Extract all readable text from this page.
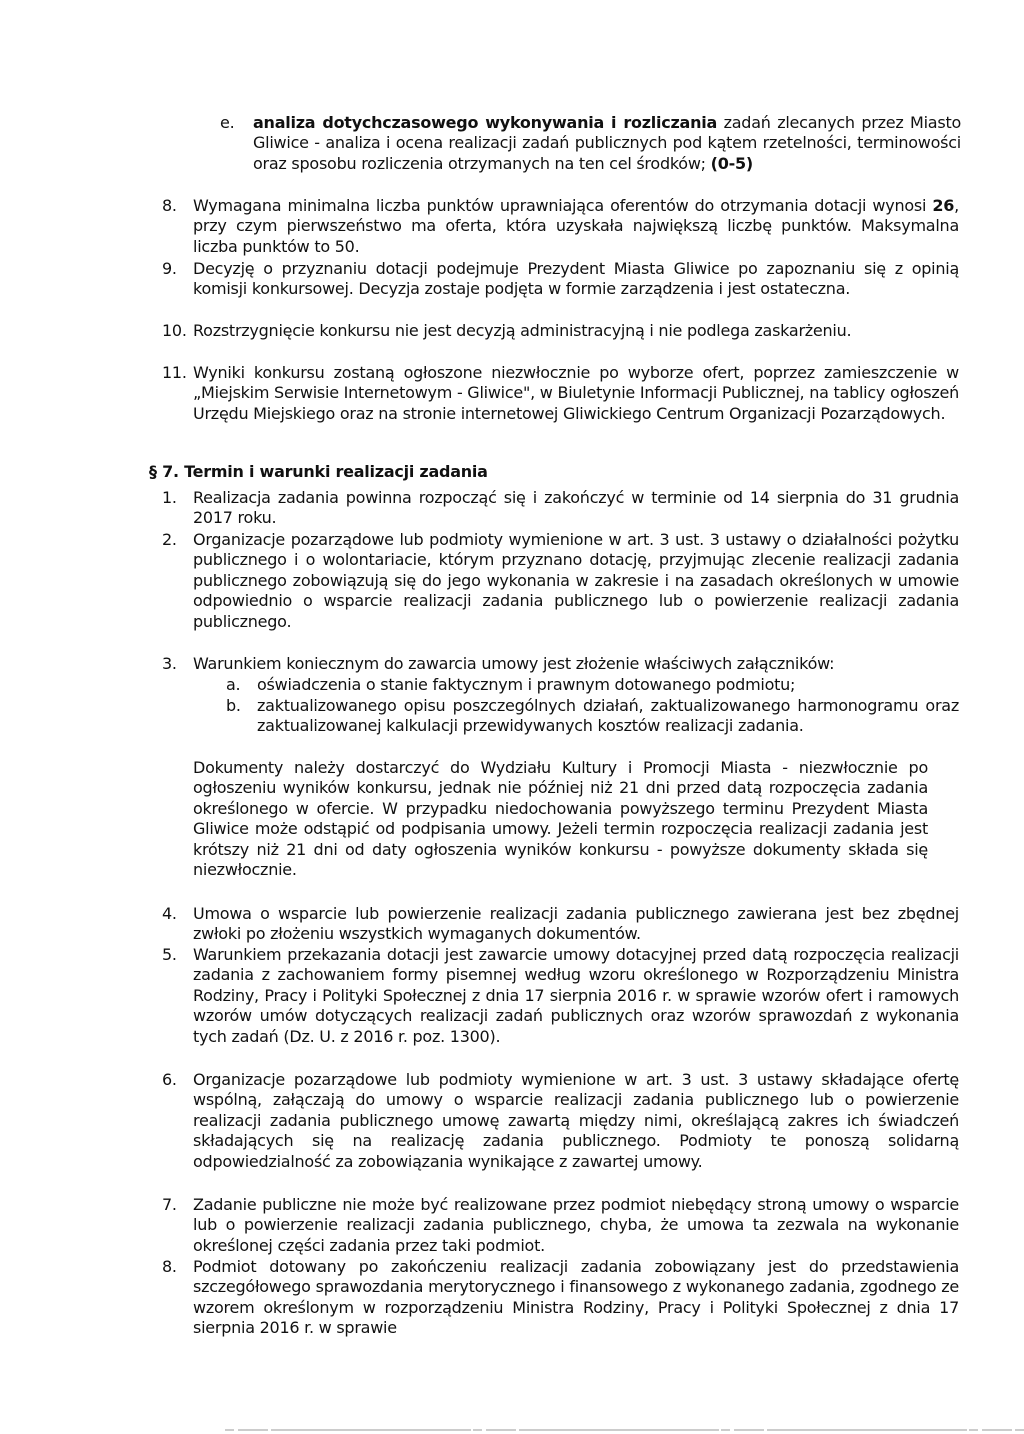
e. analiza dotychczasowego wykonywania i rozliczania zadań zlecanych przez Miasto Gliwice - analiza i ocena realizacji zadań publicznych pod kątem rzetelności, terminowości oraz sposobu rozliczenia otrzymanych na ten cel środków; (0-5)
8. Wymagana minimalna liczba punktów uprawniająca oferentów do otrzymania dotacji wynosi 26, przy czym pierwszeństwo ma oferta, która uzyskała największą liczbę punktów. Maksymalna liczba punktów to 50.
9. Decyzję o przyznaniu dotacji podejmuje Prezydent Miasta Gliwice po zapoznaniu się z opinią komisji konkursowej. Decyzja zostaje podjęta w formie zarządzenia i jest ostateczna.
10. Rozstrzygnięcie konkursu nie jest decyzją administracyjną i nie podlega zaskarżeniu.
11. Wyniki konkursu zostaną ogłoszone niezwłocznie po wyborze ofert, poprzez zamieszczenie w „Miejskim Serwisie Internetowym - Gliwice", w Biuletynie Informacji Publicznej, na tablicy ogłoszeń Urzędu Miejskiego oraz na stronie internetowej Gliwickiego Centrum Organizacji Pozarządowych.
§ 7. Termin i warunki realizacji zadania
1. Realizacja zadania powinna rozpocząć się i zakończyć w terminie od 14 sierpnia do 31 grudnia 2017 roku.
2. Organizacje pozarządowe lub podmioty wymienione w art. 3 ust. 3 ustawy o działalności pożytku publicznego i o wolontariacie, którym przyznano dotację, przyjmując zlecenie realizacji zadania publicznego zobowiązują się do jego wykonania w zakresie i na zasadach określonych w umowie odpowiednio o wsparcie realizacji zadania publicznego lub o powierzenie realizacji zadania publicznego.
3. Warunkiem koniecznym do zawarcia umowy jest złożenie właściwych załączników:
a. oświadczenia o stanie faktycznym i prawnym dotowanego podmiotu;
b. zaktualizowanego opisu poszczególnych działań, zaktualizowanego harmonogramu oraz zaktualizowanej kalkulacji przewidywanych kosztów realizacji zadania.
Dokumenty należy dostarczyć do Wydziału Kultury i Promocji Miasta - niezwłocznie po ogłoszeniu wyników konkursu, jednak nie później niż 21 dni przed datą rozpoczęcia zadania określonego w ofercie. W przypadku niedochowania powyższego terminu Prezydent Miasta Gliwice może odstąpić od podpisania umowy. Jeżeli termin rozpoczęcia realizacji zadania jest krótszy niż 21 dni od daty ogłoszenia wyników konkursu - powyższe dokumenty składa się niezwłocznie.
4. Umowa o wsparcie lub powierzenie realizacji zadania publicznego zawierana jest bez zbędnej zwłoki po złożeniu wszystkich wymaganych dokumentów.
5. Warunkiem przekazania dotacji jest zawarcie umowy dotacyjnej przed datą rozpoczęcia realizacji zadania z zachowaniem formy pisemnej według wzoru określonego w Rozporządzeniu Ministra Rodziny, Pracy i Polityki Społecznej z dnia 17 sierpnia 2016 r. w sprawie wzorów ofert i ramowych wzorów umów dotyczących realizacji zadań publicznych oraz wzorów sprawozdań z wykonania tych zadań (Dz. U. z 2016 r. poz. 1300).
6. Organizacje pozarządowe lub podmioty wymienione w art. 3 ust. 3 ustawy składające ofertę wspólną, załączają do umowy o wsparcie realizacji zadania publicznego lub o powierzenie realizacji zadania publicznego umowę zawartą między nimi, określającą zakres ich świadczeń składających się na realizację zadania publicznego. Podmioty te ponoszą solidarną odpowiedzialność za zobowiązania wynikające z zawartej umowy.
7. Zadanie publiczne nie może być realizowane przez podmiot niebędący stroną umowy o wsparcie lub o powierzenie realizacji zadania publicznego, chyba, że umowa ta zezwala na wykonanie określonej części zadania przez taki podmiot.
8. Podmiot dotowany po zakończeniu realizacji zadania zobowiązany jest do przedstawienia szczegółowego sprawozdania merytorycznego i finansowego z wykonanego zadania, zgodnego ze wzorem określonym w rozporządzeniu Ministra Rodziny, Pracy i Polityki Społecznej z dnia 17 sierpnia 2016 r. w sprawie
